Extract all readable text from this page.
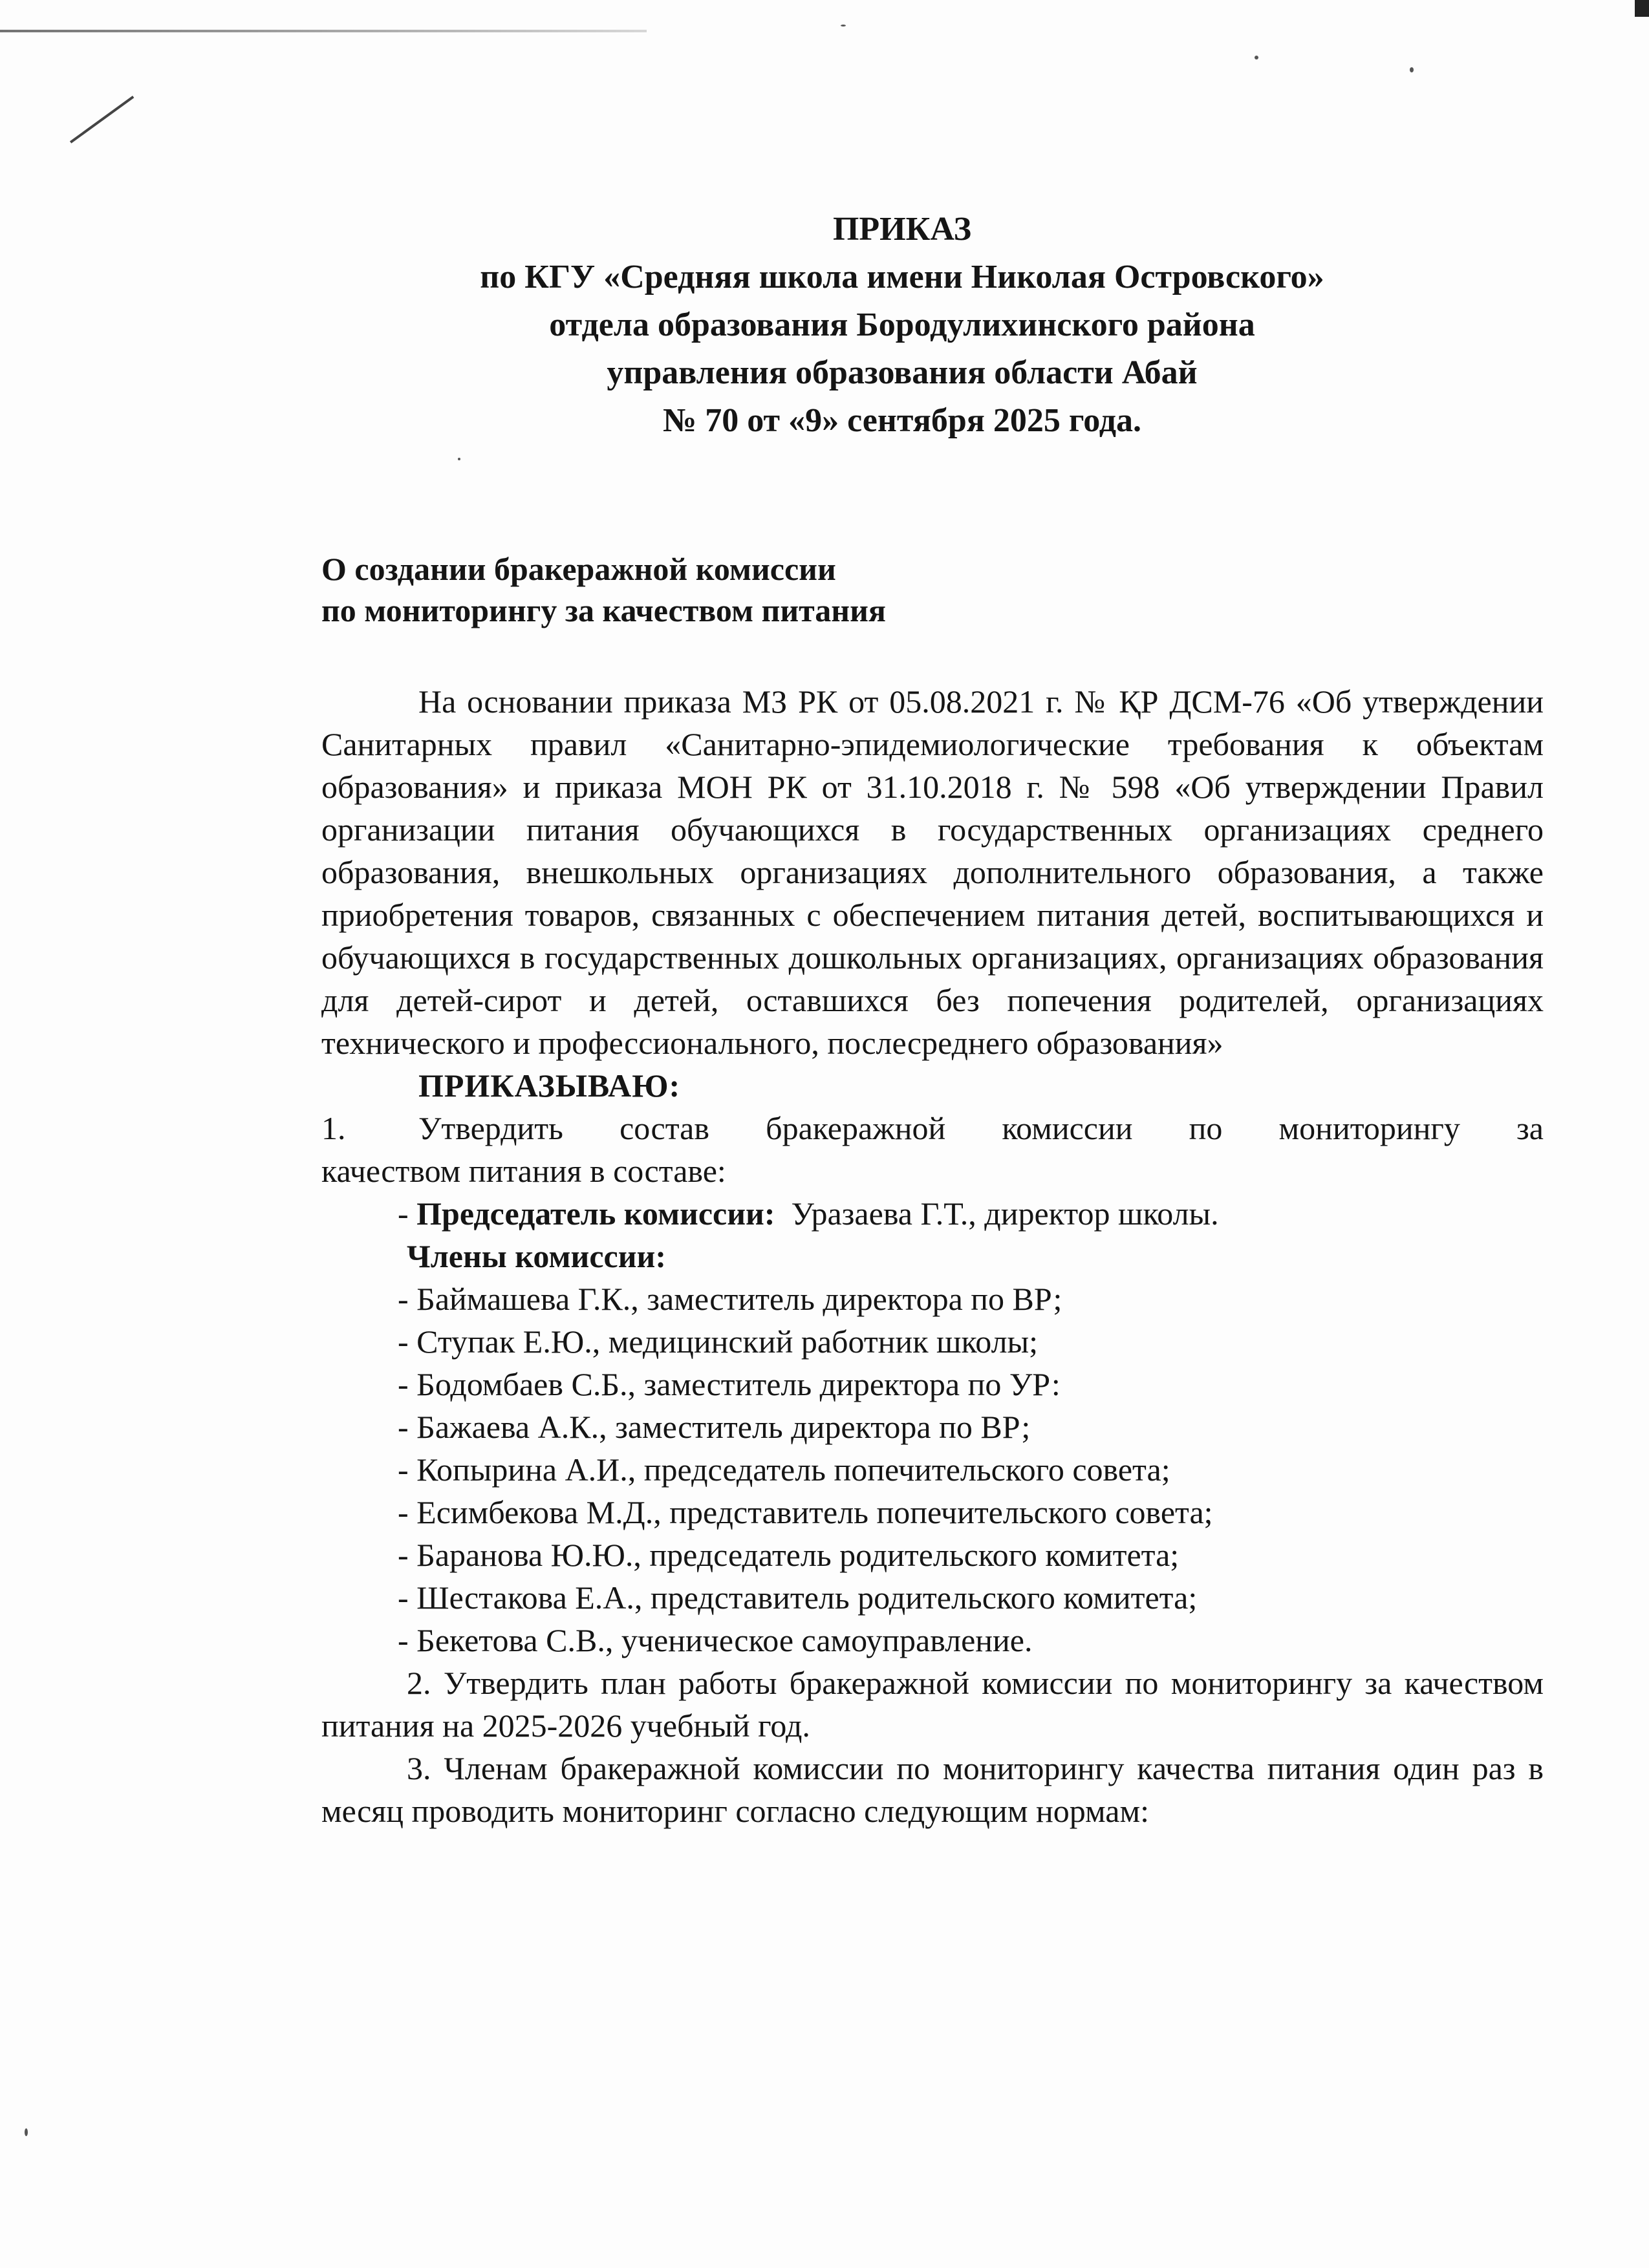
ПРИКАЗ
по КГУ «Средняя школа имени Николая Островского»
отдела образования Бородулихинского района
управления образования области Абай
№ 70 от «9» сентября 2025 года.
О создании бракеражной комиссии
по мониторингу за качеством питания

На основании приказа МЗ РК от 05.08.2021 г. № ҚР ДСМ-76 «Об утверждении Санитарных правил «Санитарно-эпидемиологические требования к объектам образования» и приказа МОН РК от 31.10.2018 г. № 598 «Об утверждении Правил организации питания обучающихся в государственных организациях среднего образования, внешкольных организациях дополнительного образования, а также приобретения товаров, связанных с обеспечением питания детей, воспитывающихся и обучающихся в государственных дошкольных организациях, организациях образования для детей-сирот и детей, оставшихся без попечения родителей, организациях технического и профессионального, послесреднего образования»

ПРИКАЗЫВАЮ:

1.	Утвердить состав бракеражной комиссии по мониторингу за

качеством питания в составе:

- Председатель комиссии:  Уразаева Г.Т., директор школы.

Члены комиссии:

- Баймашева Г.К., заместитель директора по ВР;
- Ступак Е.Ю., медицинский работник школы;
- Бодомбаев С.Б., заместитель директора по УР:
- Бажаева А.К., заместитель директора по ВР;
- Копырина А.И., председатель попечительского совета;
- Есимбекова М.Д., представитель попечительского совета;
- Баранова Ю.Ю., председатель родительского комитета;
- Шестакова Е.А., представитель родительского комитета;
- Бекетова С.В., ученическое самоуправление.

2. Утвердить план работы бракеражной комиссии по мониторингу за качеством питания на 2025-2026 учебный год.

3. Членам бракеражной комиссии по мониторингу качества питания один раз в месяц проводить мониторинг согласно следующим нормам:
